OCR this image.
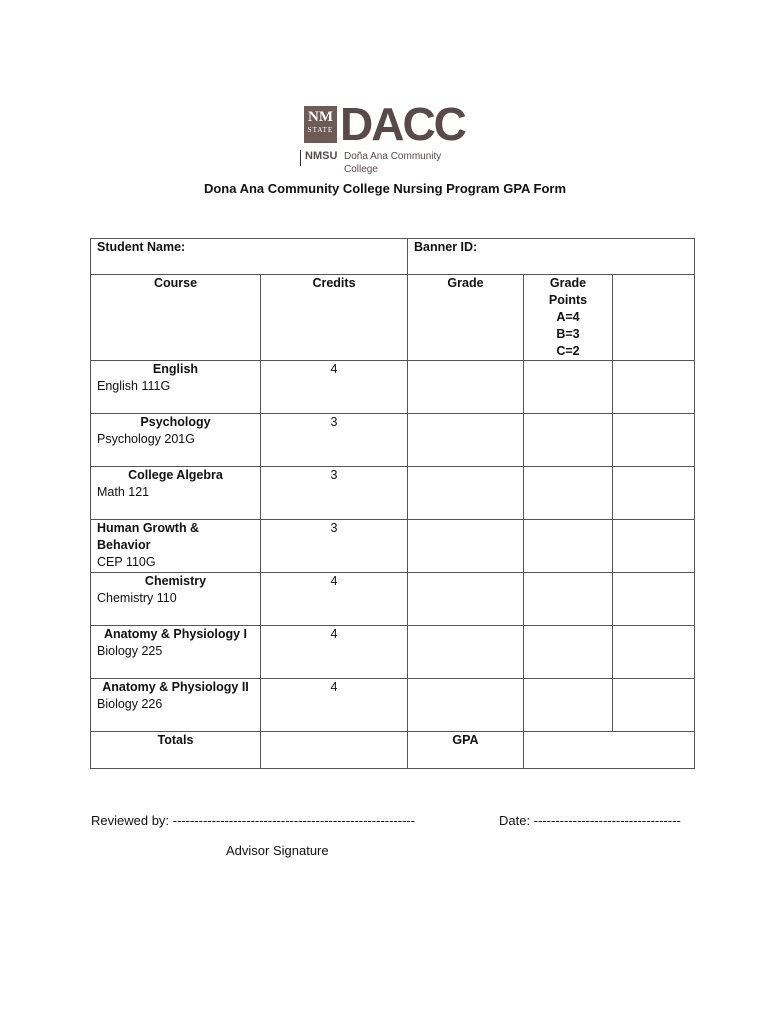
NM
STATE DACC
NMSU Doña Ana Community College
Dona Ana Community College Nursing Program GPA Form
Student Name:		Banner ID:		
Course	Credits	Grade	Grade Points
A=4
B=3
C=2	

English
English 111G	4			

Psychology
Psychology 201G	3			

College Algebra
Math 121	3			

Human Growth & Behavior
CEP 110G	3			

Chemistry
Chemistry 110	4			

Anatomy & Physiology I
Biology 225	4			

Anatomy & Physiology II
Biology 226	4			
Totals		GPA		
Reviewed by: --------------------------------------------------------	Date: ----------------------------------
Advisor Signature
